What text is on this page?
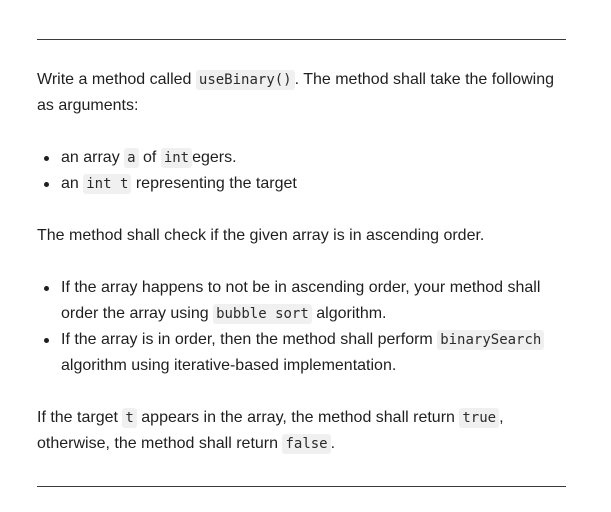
Write a method called useBinary() . The method shall take the following as arguments:

an array a of int egers.
an int t representing the target

The method shall check if the given array is in ascending order.

If the array happens to not be in ascending order, your method shall order the array using bubble sort algorithm.
If the array is in order, then the method shall perform binarySearch algorithm using iterative-based implementation.

If the target t appears in the array, the method shall return true , otherwise, the method shall return false .
